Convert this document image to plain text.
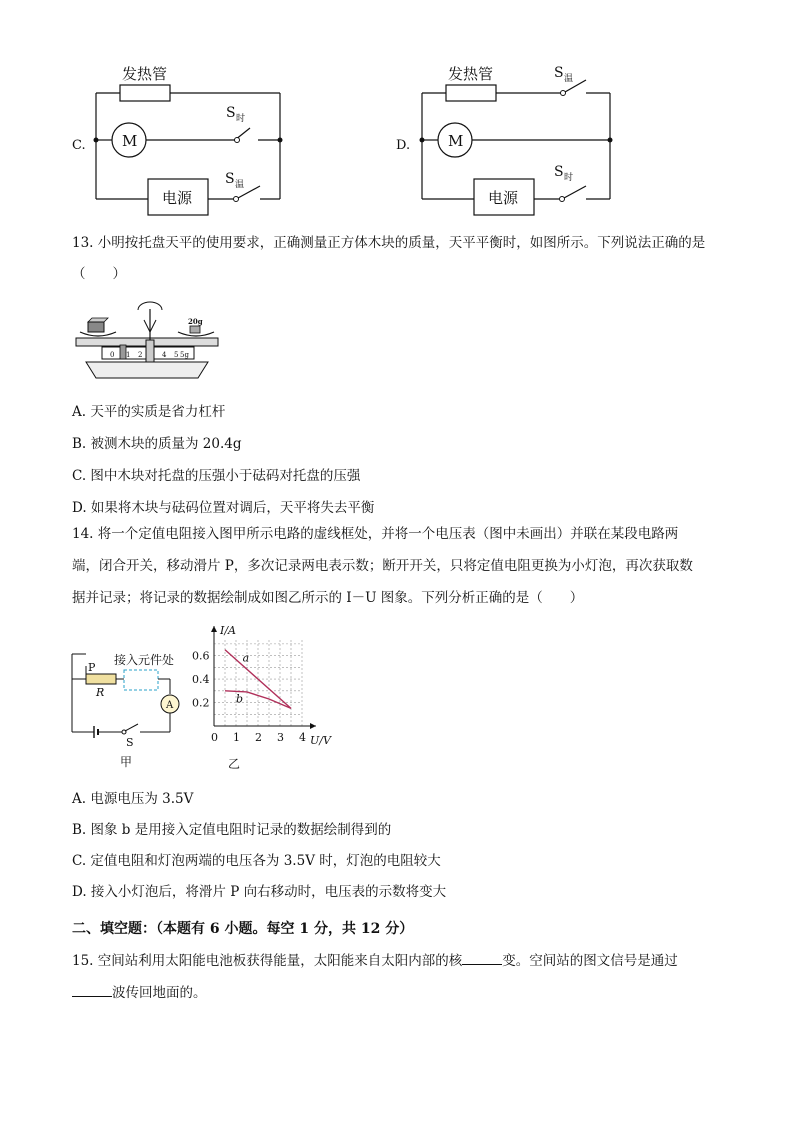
C.
发热管
M
S 时
电源
S 温
D.
发热管	S 温
M
电源
S 时
13. 小明按托盘天平的使用要求，正确测量正方体木块的质量，天平平衡时，如图所示。下列说法正确的是
（　　）
0 1 2	4 5 5g
20g
A. 天平的实质是省力杠杆
B. 被测木块的质量为 20.4g
C. 图中木块对托盘的压强小于砝码对托盘的压强
D. 如果将木块与砝码位置对调后，天平将失去平衡
14. 将一个定值电阻接入图甲所示电路的虚线框处，并将一个电压表（图中未画出）并联在某段电路两
端，闭合开关，移动滑片 P，多次记录两电表示数；断开开关，只将定值电阻更换为小灯泡，再次获取数
据并记录；将记录的数据绘制成如图乙所示的 I－U 图象。下列分析正确的是（　　）
接入元件处
P
R
A
S
甲
0 1 2 3 4
0.2
0.4
0.6
U/V
I/A
a
b
乙
A. 电源电压为 3.5V
B. 图象 b 是用接入定值电阻时记录的数据绘制得到的
C. 定值电阻和灯泡两端的电压各为 3.5V 时，灯泡的电阻较大
D. 接入小灯泡后，将滑片 P 向右移动时，电压表的示数将变大
二、填空题：（本题有 6 小题。每空 1 分，共 12 分）
15. 空间站利用太阳能电池板获得能量，太阳能来自太阳内部的核	变。空间站的图文信号是通过
波传回地面的。
